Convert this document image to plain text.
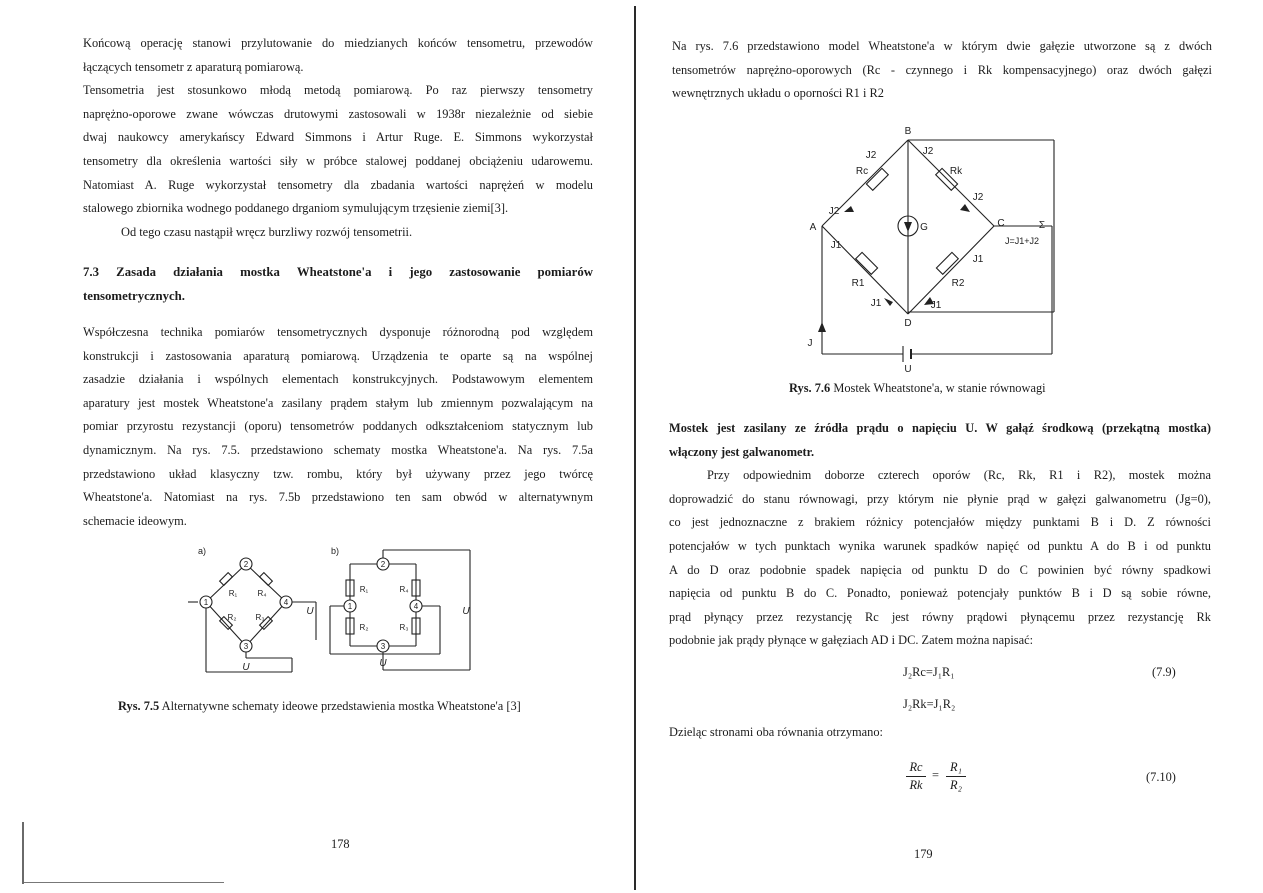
Końcową operację stanowi przylutowanie do miedzianych końców tensometru, przewodów
łączących tensometr z aparaturą pomiarową.
Tensometria jest stosunkowo młodą metodą pomiarową. Po raz pierwszy tensometry
naprężno-oporowe zwane wówczas drutowymi zastosowali w 1938r niezależnie od siebie
dwaj naukowcy amerykańscy Edward Simmons i Artur Ruge. E. Simmons wykorzystał
tensometry dla określenia wartości siły w próbce stalowej poddanej obciążeniu udarowemu.
Natomiast A. Ruge wykorzystał tensometry dla zbadania wartości naprężeń w modelu
stalowego zbiornika wodnego poddanego drganiom symulującym trzęsienie ziemi[3].
Od tego czasu nastąpił wręcz burzliwy rozwój tensometrii.
7.3 Zasada działania mostka Wheatstone'a i jego zastosowanie pomiarów
tensometrycznych.
Współczesna technika pomiarów tensometrycznych dysponuje różnorodną pod względem
konstrukcji i zastosowania aparaturą pomiarową. Urządzenia te oparte są na wspólnej
zasadzie działania i wspólnych elementach konstrukcyjnych. Podstawowym elementem
aparatury jest mostek Wheatstone'a zasilany prądem stałym lub zmiennym pozwalającym na
pomiar przyrostu rezystancji (oporu) tensometrów poddanych odkształceniom statycznym lub
dynamicznym. Na rys. 7.5. przedstawiono schematy mostka Wheatstone'a. Na rys. 7.5a
przedstawiono układ klasyczny tzw. rombu, który był używany przez jego twórcę
Wheatstone'a. Natomiast na rys. 7.5b przedstawiono ten sam obwód w alternatywnym
schemacie ideowym.
a)	b)
2
1	4
3
2
1	4
3
R₁	R₄
R₂ R₃
R₁	R₄
R₂	R₃
U	U
U	U
Rys. 7.5 Alternatywne schematy ideowe przedstawienia mostka Wheatstone'a [3]
178
Na rys. 7.6 przedstawiono model Wheatstone'a w którym dwie gałęzie utworzone są z dwóch
tensometrów naprężno-oporowych (Rc - czynnego i Rk kompensacyjnego) oraz dwóch gałęzi
wewnętrznych układu o oporności R1 i R2
B
A	C
D
G
Rc	Rk
R1	R2
J2	J2
J2
J2
J1
J1
J1	J1
J=J1+J2
J
U
Σ
Rys. 7.6 Mostek Wheatstone'a, w stanie równowagi
Mostek jest zasilany ze źródła prądu o napięciu U. W gałąź środkową (przekątną mostka)
włączony jest galwanometr.
Przy odpowiednim doborze czterech oporów (Rc, Rk, R1 i R2), mostek można
doprowadzić do stanu równowagi, przy którym nie płynie prąd w gałęzi galwanometru (Jg=0),
co jest jednoznaczne z brakiem różnicy potencjałów między punktami B i D. Z równości
potencjałów w tych punktach wynika warunek spadków napięć od punktu A do B i od punktu
A do D oraz podobnie spadek napięcia od punktu D do C powinien być równy spadkowi
napięcia od punktu B do C. Ponadto, ponieważ potencjały punktów B i D są sobie równe,
prąd płynący przez rezystancję Rc jest równy prądowi płynącemu przez rezystancję Rk
podobnie jak prądy płynące w gałęziach AD i DC. Zatem można napisać:
J₂Rc=J₁R₁	(7.9)
J₂Rk=J₁R₂
Dzieląc stronami oba równania otrzymano:
Rc
Rk
=
R₁
R₂
(7.10)
179
